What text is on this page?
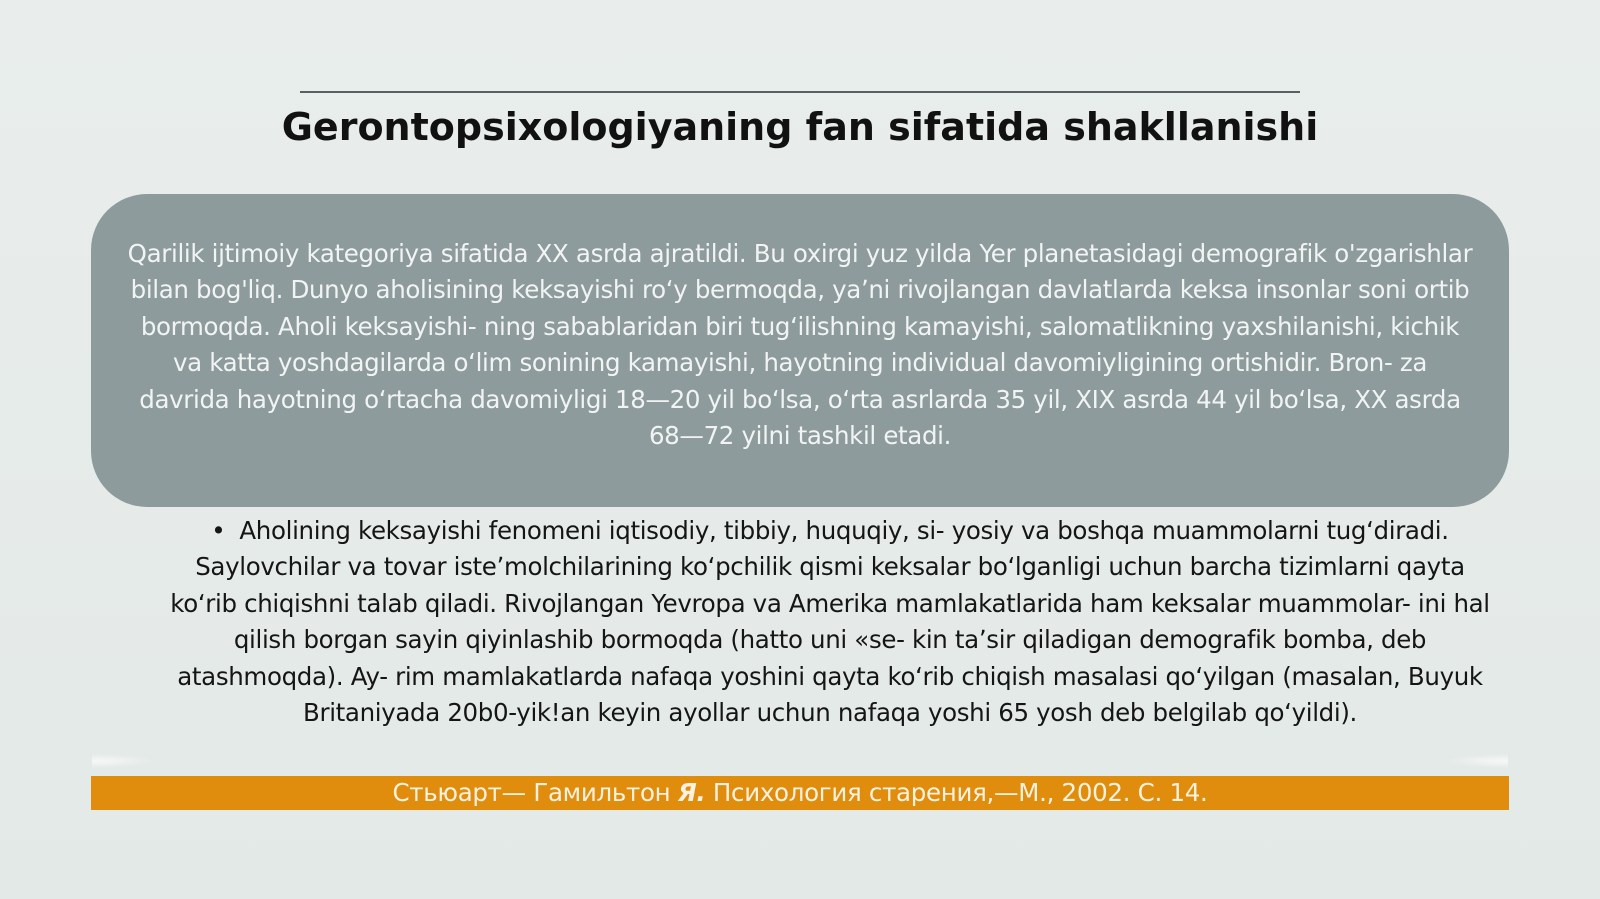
Gerontopsixologiyaning fan sifatida shakllanishi

Qarilik ijtimoiy kategoriya sifatida XX asrda ajratildi. Bu oxirgi yuz yilda Yer planetasidagi demografik o'zgarishlar bilan bog'liq. Dunyo aholisining keksayishi roʻy bermoqda, yaʼni rivojlangan davlatlarda keksa insonlar soni ortib bormoqda. Aholi keksayishi- ning sabablaridan biri tugʻilishning kamayishi, salomatlikning yaxshilanishi, kichik va katta yoshdagilarda oʻlim sonining kamayishi, hayotning individual davomiyligining ortishidir. Bron- za davrida hayotning oʻrtacha davomiyligi 18—20 yil boʻlsa, oʻrta asrlarda 35 yil, XIX asrda 44 yil boʻlsa, XX asrda 68—72 yilni tashkil etadi.

• Aholining keksayishi fenomeni iqtisodiy, tibbiy, huquqiy, si- yosiy va boshqa muammolarni tugʻdiradi. Saylovchilar va tovar isteʼmolchilarining koʻpchilik qismi keksalar boʻlganligi uchun barcha tizimlarni qayta koʻrib chiqishni talab qiladi. Rivojlangan Yevropa va Amerika mamlakatlarida ham keksalar muammolar- ini hal qilish borgan sayin qiyinlashib bormoqda (hatto uni «se- kin taʼsir qiladigan demografik bomba, deb atashmoqda). Ay- rim mamlakatlarda nafaqa yoshini qayta koʻrib chiqish masalasi qoʻyilgan (masalan, Buyuk Britaniyada 20b0-yik!an keyin ayollar uchun nafaqa yoshi 65 yosh deb belgilab qoʻyildi).
Стьюарт— Гамильтон Я. Психология старения,—М., 2002. С. 14.
